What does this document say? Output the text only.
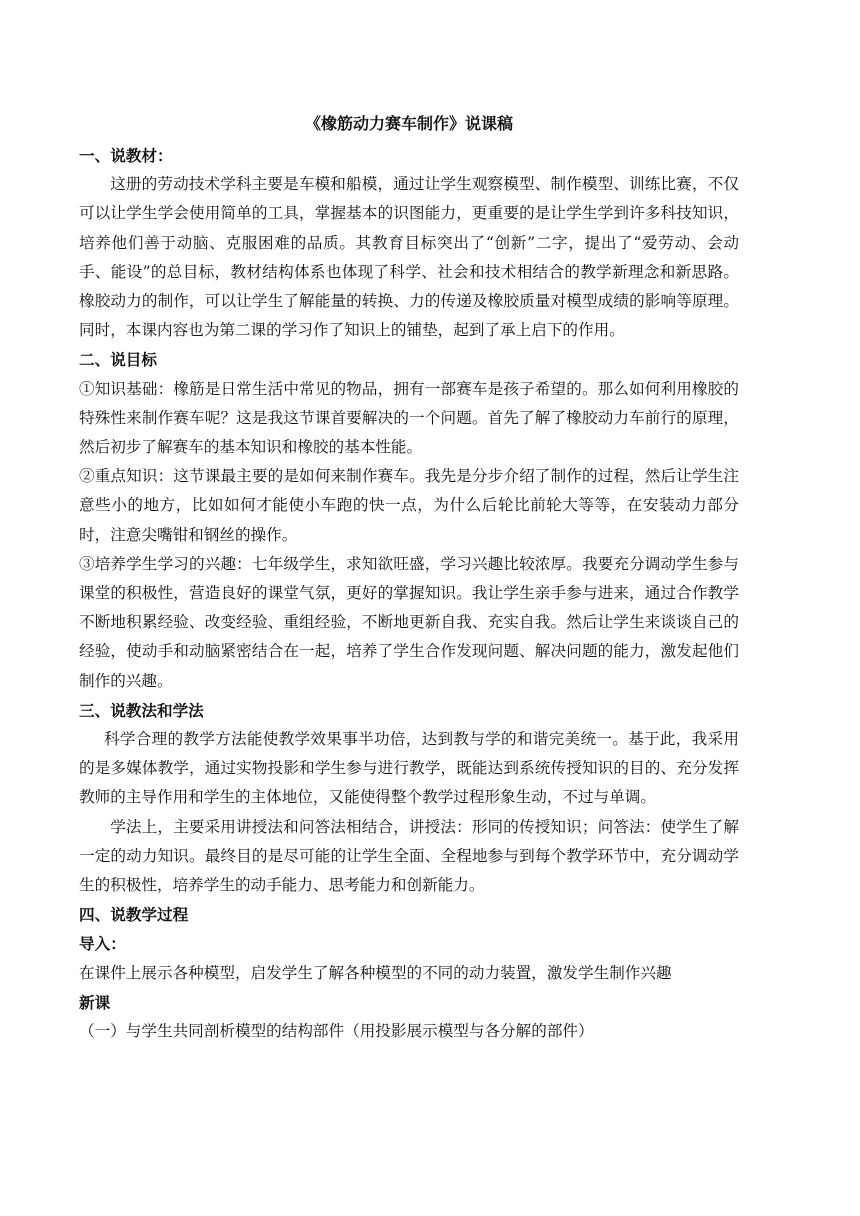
《橡筋动力赛车制作》说课稿

一、说教材：

这册的劳动技术学科主要是车模和船模，通过让学生观察模型、制作模型、训练比赛，不仅可以让学生学会使用简单的工具，掌握基本的识图能力，更重要的是让学生学到许多科技知识，培养他们善于动脑、克服困难的品质。其教育目标突出了“创新”二字，提出了“爱劳动、会动手、能设”的总目标，教材结构体系也体现了科学、社会和技术相结合的教学新理念和新思路。橡胶动力的制作，可以让学生了解能量的转换、力的传递及橡胶质量对模型成绩的影响等原理。同时，本课内容也为第二课的学习作了知识上的铺垫，起到了承上启下的作用。

二、说目标

①知识基础：橡筋是日常生活中常见的物品，拥有一部赛车是孩子希望的。那么如何利用橡胶的特殊性来制作赛车呢？这是我这节课首要解决的一个问题。首先了解了橡胶动力车前行的原理，然后初步了解赛车的基本知识和橡胶的基本性能。

②重点知识：这节课最主要的是如何来制作赛车。我先是分步介绍了制作的过程，然后让学生注意些小的地方，比如如何才能使小车跑的快一点，为什么后轮比前轮大等等，在安装动力部分时，注意尖嘴钳和钢丝的操作。

③培养学生学习的兴趣：七年级学生，求知欲旺盛，学习兴趣比较浓厚。我要充分调动学生参与课堂的积极性，营造良好的课堂气氛，更好的掌握知识。我让学生亲手参与进来，通过合作教学不断地积累经验、改变经验、重组经验，不断地更新自我、充实自我。然后让学生来谈谈自己的经验，使动手和动脑紧密结合在一起，培养了学生合作发现问题、解决问题的能力，激发起他们制作的兴趣。

三、说教法和学法

科学合理的教学方法能使教学效果事半功倍，达到教与学的和谐完美统一。基于此，我采用的是多媒体教学，通过实物投影和学生参与进行教学，既能达到系统传授知识的目的、充分发挥教师的主导作用和学生的主体地位，又能使得整个教学过程形象生动，不过与单调。

学法上，主要采用讲授法和问答法相结合，讲授法：形同的传授知识；问答法：使学生了解一定的动力知识。最终目的是尽可能的让学生全面、全程地参与到每个教学环节中，充分调动学生的积极性，培养学生的动手能力、思考能力和创新能力。

四、说教学过程

导入：

在课件上展示各种模型，启发学生了解各种模型的不同的动力装置，激发学生制作兴趣

新课

（一）与学生共同剖析模型的结构部件（用投影展示模型与各分解的部件）
